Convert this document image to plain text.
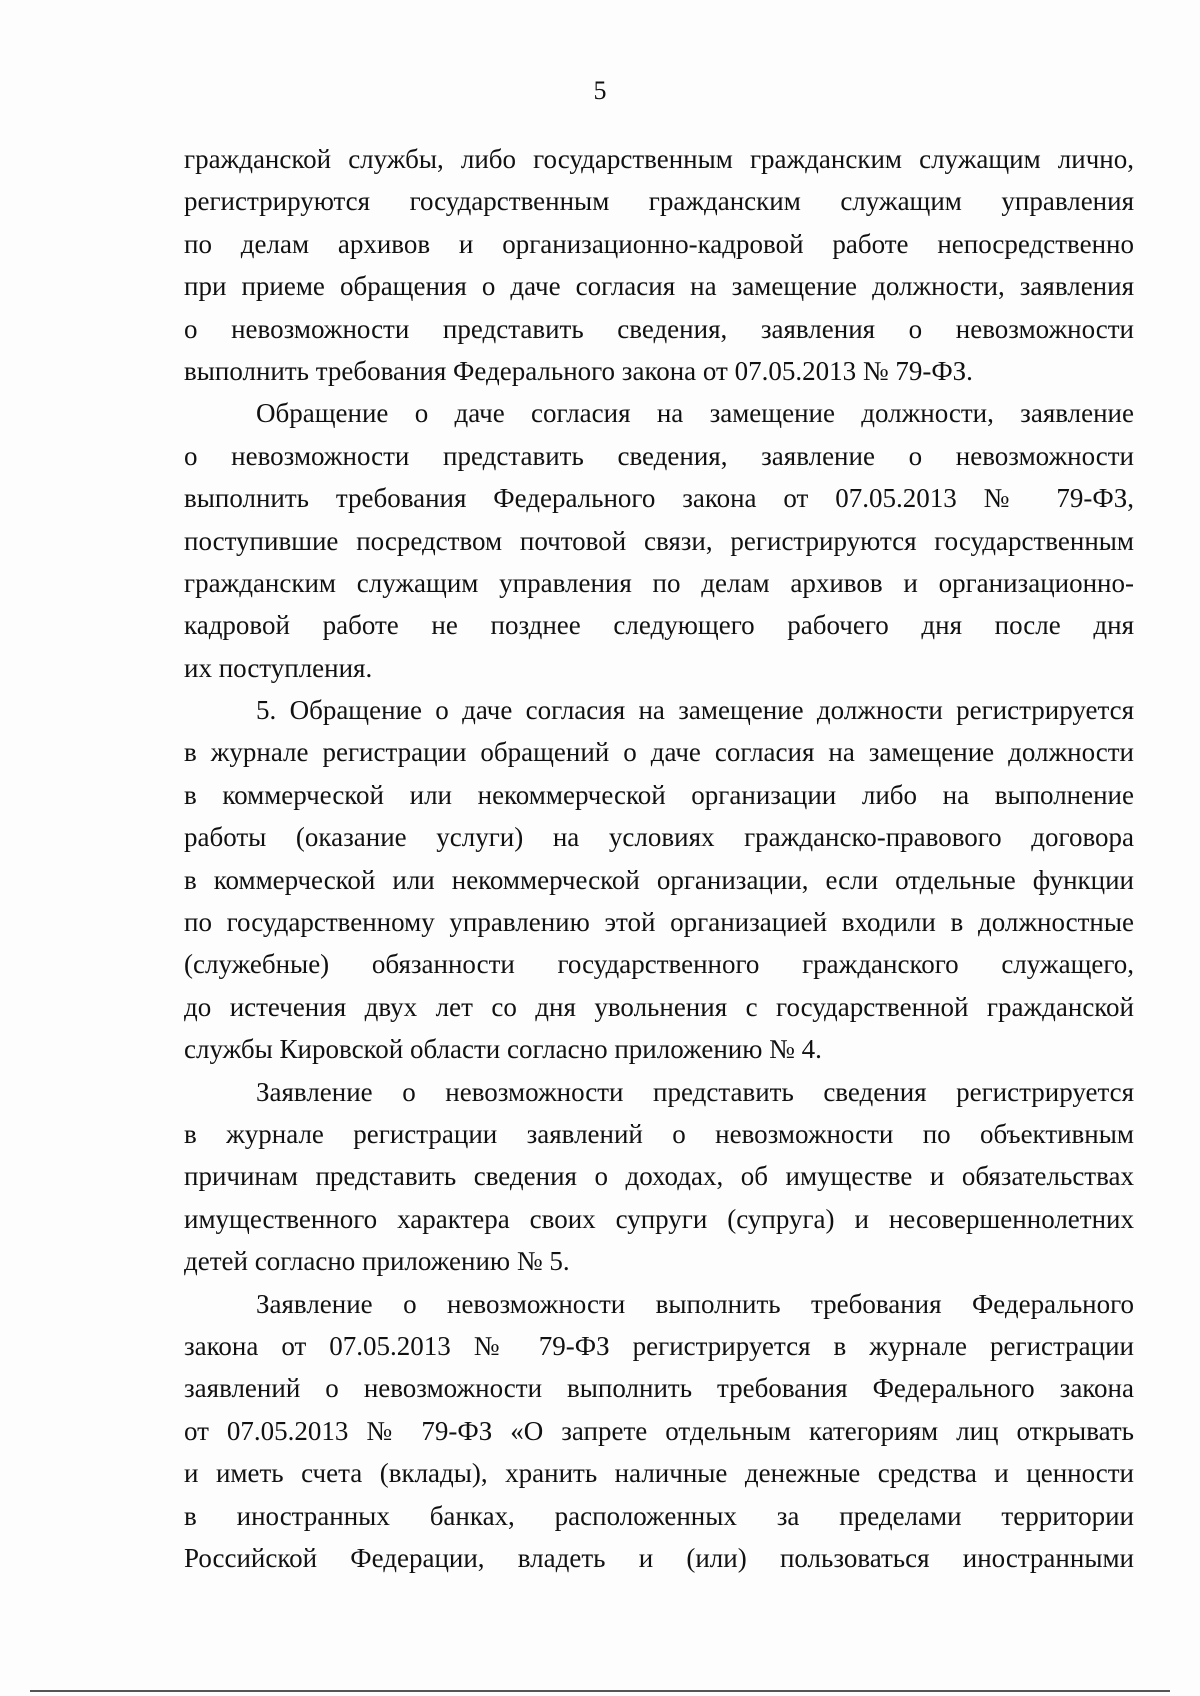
5
гражданской службы, либо государственным гражданским служащим лично,
регистрируются государственным гражданским служащим управления
по делам архивов и организационно-кадровой работе непосредственно
при приеме обращения о даче согласия на замещение должности, заявления
о невозможности представить сведения, заявления о невозможности
выполнить требования Федерального закона от 07.05.2013 № 79-ФЗ.
Обращение о даче согласия на замещение должности, заявление
о невозможности представить сведения, заявление о невозможности
выполнить требования Федерального закона от 07.05.2013 № 79-ФЗ,
поступившие посредством почтовой связи, регистрируются государственным
гражданским служащим управления по делам архивов и организационно-
кадровой работе не позднее следующего рабочего дня после дня
их поступления.
5. Обращение о даче согласия на замещение должности регистрируется
в журнале регистрации обращений о даче согласия на замещение должности
в коммерческой или некоммерческой организации либо на выполнение
работы (оказание услуги) на условиях гражданско-правового договора
в коммерческой или некоммерческой организации, если отдельные функции
по государственному управлению этой организацией входили в должностные
(служебные) обязанности государственного гражданского служащего,
до истечения двух лет со дня увольнения с государственной гражданской
службы Кировской области согласно приложению № 4.
Заявление о невозможности представить сведения регистрируется
в журнале регистрации заявлений о невозможности по объективным
причинам представить сведения о доходах, об имуществе и обязательствах
имущественного характера своих супруги (супруга) и несовершеннолетних
детей согласно приложению № 5.
Заявление о невозможности выполнить требования Федерального
закона от 07.05.2013 № 79-ФЗ регистрируется в журнале регистрации
заявлений о невозможности выполнить требования Федерального закона
от 07.05.2013 № 79-ФЗ «О запрете отдельным категориям лиц открывать
и иметь счета (вклады), хранить наличные денежные средства и ценности
в иностранных банках, расположенных за пределами территории
Российской Федерации, владеть и (или) пользоваться иностранными
